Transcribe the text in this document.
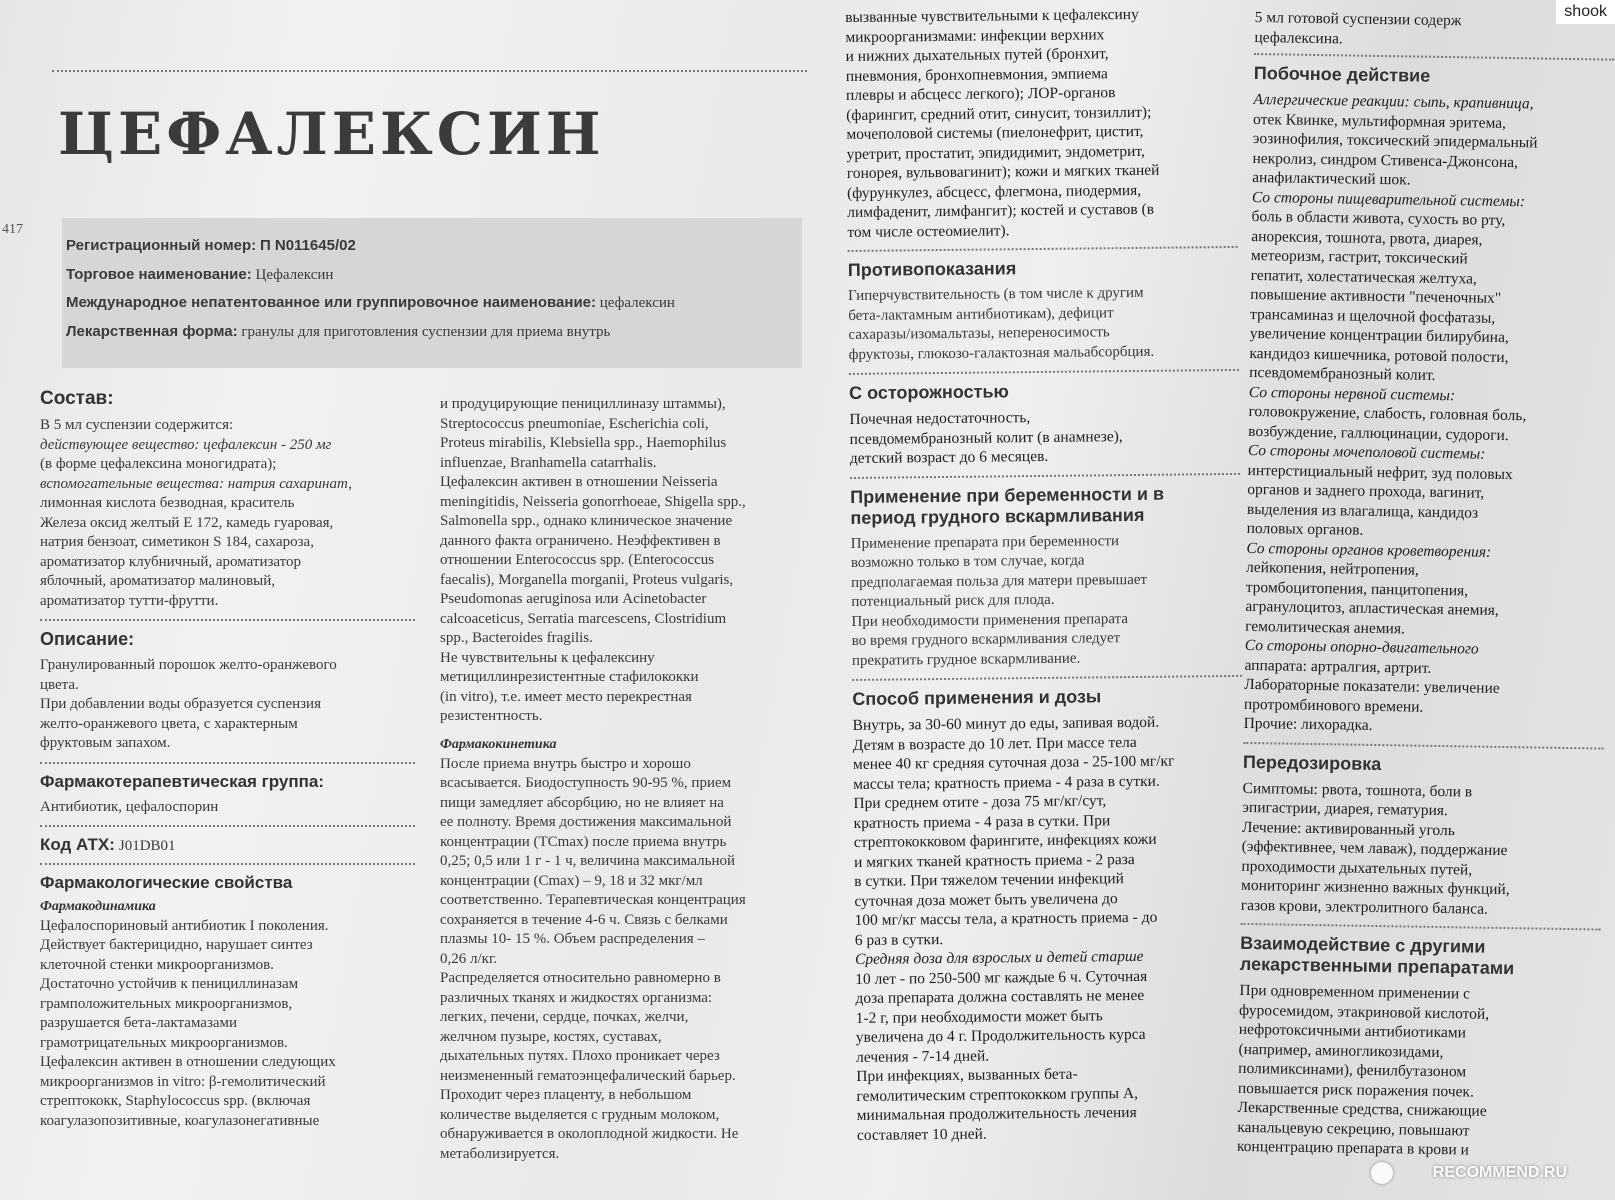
shook
417
ЦЕФАЛЕКСИН
Регистрационный номер: П N011645/02
Торговое наименование: Цефалексин
Международное непатентованное или группировочное наименование: цефалексин
Лекарственная форма: гранулы для приготовления суспензии для приема внутрь
Состав:

В 5 мл суспензии содержится:

действующее вещество: цефалексин - 250 мг

(в форме цефалексина моногидрата);

вспомогательные вещества: натрия сахаринат,

лимонная кислота безводная, краситель

Железа оксид желтый Е 172, камедь гуаровая,

натрия бензоат, симетикон S 184, сахароза,

ароматизатор клубничный, ароматизатор

яблочный, ароматизатор малиновый,

ароматизатор тутти-фрутти.

Описание:

Гранулированный порошок желто-оранжевого

цвета.

При добавлении воды образуется суспензия

желто-оранжевого цвета, с характерным

фруктовым запахом.

Фармакотерапевтическая группа:
Антибиотик, цефалоспорин
Код АТХ: J01DB01
Фармакологические свойства
Фармакодинамика

Цефалоспориновый антибиотик I поколения.

Действует бактерицидно, нарушает синтез

клеточной стенки микроорганизмов.

Достаточно устойчив к пенициллиназам

грамположительных микроорганизмов,

разрушается бета-лактамазами

грамотрицательных микроорганизмов.

Цефалексин активен в отношении следующих

микроорганизмов in vitro: β-гемолитический

стрептококк, Staphylococcus spp. (включая

коагулазопозитивные, коагулазонегативные

и продуцирующие пенициллиназу штаммы),

Streptococcus pneumoniae, Escherichia coli,

Proteus mirabilis, Klebsiella spp., Haemophilus

influenzae, Branhamella catarrhalis.

Цефалексин активен в отношении Neisseria

meningitidis, Neisseria gonorrhoeae, Shigella spp.,

Salmonella spp., однако клиническое значение

данного факта ограничено. Неэффективен в

отношении Enterococcus spp. (Enterococcus

faecalis), Morganella morganii, Proteus vulgaris,

Pseudomonas aeruginosa или Acinetobacter

calcoaceticus, Serratia marcescens, Clostridium

spp., Bacteroides fragilis.

Не чувствительны к цефалексину

метициллинрезистентные стафилококки

(in vitro), т.е. имеет место перекрестная

резистентность.

Фармакокинетика

После приема внутрь быстро и хорошо

всасывается. Биодоступность 90-95 %, прием

пищи замедляет абсорбцию, но не влияет на

ее полноту. Время достижения максимальной

концентрации (TCmax) после приема внутрь

0,25; 0,5 или 1 г - 1 ч, величина максимальной

концентрации (Cmax) – 9, 18 и 32 мкг/мл

соответственно. Терапевтическая концентрация

сохраняется в течение 4-6 ч. Связь с белками

плазмы 10- 15 %. Объем распределения –

0,26 л/кг.

Распределяется относительно равномерно в

различных тканях и жидкостях организма:

легких, печени, сердце, почках, желчи,

желчном пузыре, костях, суставах,

дыхательных путях. Плохо проникает через

неизмененный гематоэнцефалический барьер.

Проходит через плаценту, в небольшом

количестве выделяется с грудным молоком,

обнаруживается в околоплодной жидкости. Не

метаболизируется.

вызванные чувствительными к цефалексину

микроорганизмами: инфекции верхних

и нижних дыхательных путей (бронхит,

пневмония, бронхопневмония, эмпиема

плевры и абсцесс легкого); ЛОР-органов

(фарингит, средний отит, синусит, тонзиллит);

мочеполовой системы (пиелонефрит, цистит,

уретрит, простатит, эпидидимит, эндометрит,

гонорея, вульвовагинит); кожи и мягких тканей

(фурункулез, абсцесс, флегмона, пиодермия,

лимфаденит, лимфангит); костей и суставов (в

том числе остеомиелит).

Противопоказания

Гиперчувствительность (в том числе к другим

бета-лактамным антибиотикам), дефицит

сахаразы/изомальтазы, непереносимость

фруктозы, глюкозо-галактозная мальабсорбция.

С осторожностью

Почечная недостаточность,

псевдомембранозный колит (в анамнезе),

детский возраст до 6 месяцев.

Применение при беременности и в
период грудного вскармливания

Применение препарата при беременности

возможно только в том случае, когда

предполагаемая польза для матери превышает

потенциальный риск для плода.

При необходимости применения препарата

во время грудного вскармливания следует

прекратить грудное вскармливание.

Способ применения и дозы

Внутрь, за 30-60 минут до еды, запивая водой.

Детям в возрасте до 10 лет. При массе тела

менее 40 кг средняя суточная доза - 25-100 мг/кг

массы тела; кратность приема - 4 раза в сутки.

При среднем отите - доза 75 мг/кг/сут,

кратность приема - 4 раза в сутки. При

стрептококковом фарингите, инфекциях кожи

и мягких тканей кратность приема - 2 раза

в сутки. При тяжелом течении инфекций

суточная доза может быть увеличена до

100 мг/кг массы тела, а кратность приема - до

6 раз в сутки.

Средняя доза для взрослых и детей старше

10 лет - по 250-500 мг каждые 6 ч. Суточная

доза препарата должна составлять не менее

1-2 г, при необходимости может быть

увеличена до 4 г. Продолжительность курса

лечения - 7-14 дней.

При инфекциях, вызванных бета-

гемолитическим стрептококком группы А,

минимальная продолжительность лечения

составляет 10 дней.

5 мл готовой суспензии содерж

цефалексина.

Побочное действие

Аллергические реакции: сыпь, крапивница,

отек Квинке, мультиформная эритема,

эозинофилия, токсический эпидермальный

некролиз, синдром Стивенса-Джонсона,

анафилактический шок.

Со стороны пищеварительной системы:

боль в области живота, сухость во рту,

анорексия, тошнота, рвота, диарея,

метеоризм, гастрит, токсический

гепатит, холестатическая желтуха,

повышение активности "печеночных"

трансаминаз и щелочной фосфатазы,

увеличение концентрации билирубина,

кандидоз кишечника, ротовой полости,

псевдомембранозный колит.

Со стороны нервной системы:

головокружение, слабость, головная боль,

возбуждение, галлюцинации, судороги.

Со стороны мочеполовой системы:

интерстициальный нефрит, зуд половых

органов и заднего прохода, вагинит,

выделения из влагалища, кандидоз

половых органов.

Со стороны органов кроветворения:

лейкопения, нейтропения,

тромбоцитопения, панцитопения,

агранулоцитоз, апластическая анемия,

гемолитическая анемия.

Со стороны опорно-двигательного

аппарата: артралгия, артрит.

Лабораторные показатели: увеличение

протромбинового времени.

Прочие: лихорадка.

Передозировка

Симптомы: рвота, тошнота, боли в

эпигастрии, диарея, гематурия.

Лечение: активированный уголь

(эффективнее, чем лаваж), поддержание

проходимости дыхательных путей,

мониторинг жизненно важных функций,

газов крови, электролитного баланса.

Взаимодействие с другими
лекарственными препаратами

При одновременном применении с

фуросемидом, этакриновой кислотой,

нефротоксичными антибиотиками

(например, аминогликозидами,

полимиксинами), фенилбутазоном

повышается риск поражения почек.

Лекарственные средства, снижающие

канальцевую секрецию, повышают

концентрацию препарата в крови и

RECOMMEND.RU
